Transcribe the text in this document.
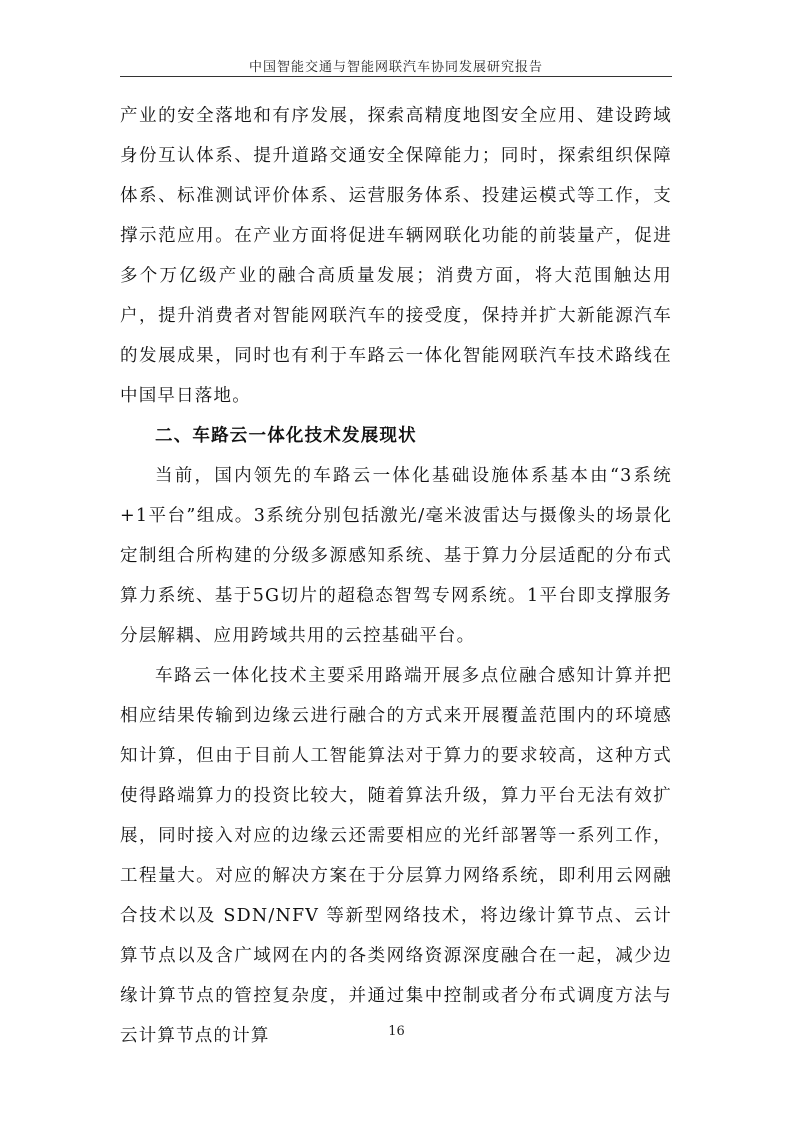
中国智能交通与智能网联汽车协同发展研究报告

产业的安全落地和有序发展，探索高精度地图安全应用、建设跨域身份互认体系、提升道路交通安全保障能力；同时，探索组织保障体系、标准测试评价体系、运营服务体系、投建运模式等工作，支撑示范应用。在产业方面将促进车辆网联化功能的前装量产，促进多个万亿级产业的融合高质量发展；消费方面，将大范围触达用户，提升消费者对智能网联汽车的接受度，保持并扩大新能源汽车的发展成果，同时也有利于车路云一体化智能网联汽车技术路线在中国早日落地。

二、车路云一体化技术发展现状

当前，国内领先的车路云一体化基础设施体系基本由“3系统+1平台”组成。3系统分别包括激光/毫米波雷达与摄像头的场景化定制组合所构建的分级多源感知系统、基于算力分层适配的分布式算力系统、基于5G切片的超稳态智驾专网系统。1平台即支撑服务分层解耦、应用跨域共用的云控基础平台。

车路云一体化技术主要采用路端开展多点位融合感知计算并把相应结果传输到边缘云进行融合的方式来开展覆盖范围内的环境感知计算，但由于目前人工智能算法对于算力的要求较高，这种方式使得路端算力的投资比较大，随着算法升级，算力平台无法有效扩展，同时接入对应的边缘云还需要相应的光纤部署等一系列工作，工程量大。对应的解决方案在于分层算力网络系统，即利用云网融合技术以及 SDN/NFV 等新型网络技术，将边缘计算节点、云计算节点以及含广域网在内的各类网络资源深度融合在一起，减少边缘计算节点的管控复杂度，并通过集中控制或者分布式调度方法与云计算节点的计算	16
